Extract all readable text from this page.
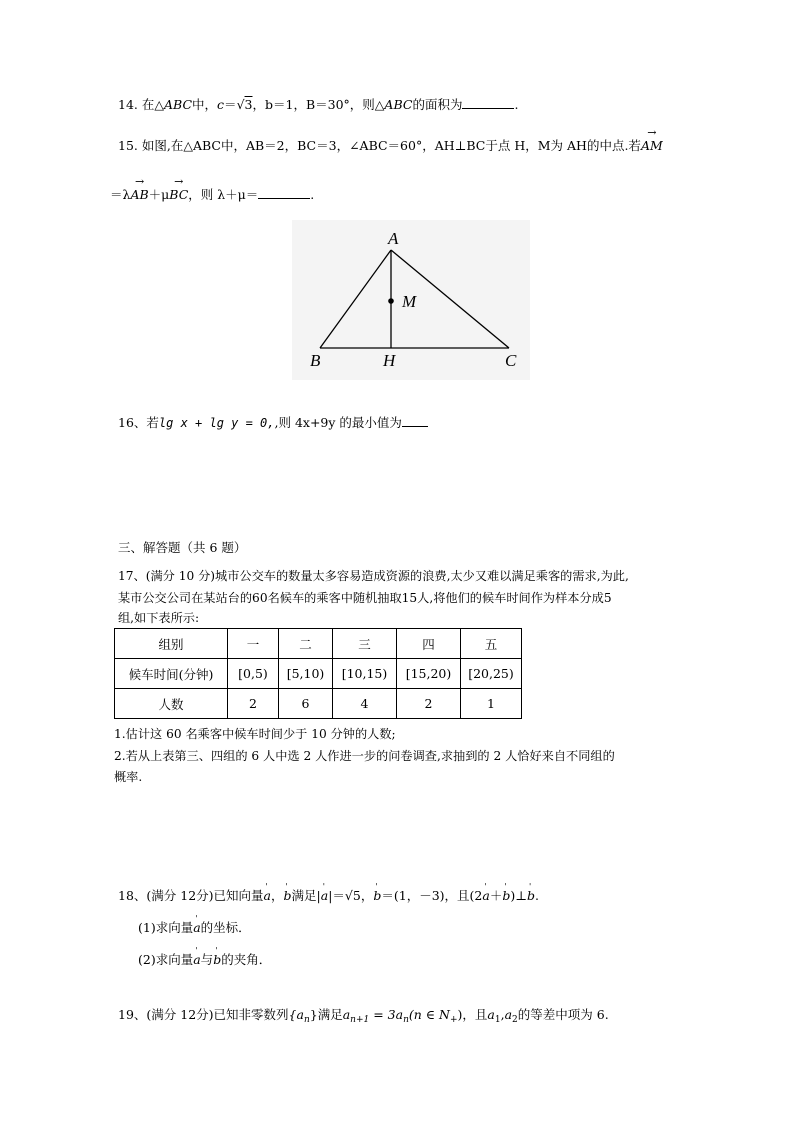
14. 在△ABC中，c＝√3，b＝1，B＝30°，则△ABC的面积为	.
15. 如图,在△ABC中，AB＝2，BC＝3，∠ABC＝60°，AH⊥BC于点 H，M为 AH的中点.若→ AM
＝λ→ AB＋μ→ BC，则 λ＋μ＝	.
A
M
B	H	C
16、若lg x + lg y = 0,,则 4x+9y 的最小值为
三、解答题（共 6 题）
17、(满分 10 分)城市公交车的数量太多容易造成资源的浪费,太少又难以满足乘客的需求,为此,
某市公交公司在某站台的60名候车的乘客中随机抽取15人,将他们的候车时间作为样本分成5
组,如下表所示:
组别	一	二	三	四	五
候车时间(分钟)	[0,5)	[5,10)	[10,15)	[15,20)	[20,25)
人数	2	6	4	2	1
1.估计这 60 名乘客中候车时间少于 10 分钟的人数;
2.若从上表第三、四组的 6 人中选 2 人作进一步的问卷调查,求抽到的 2 人恰好来自不同组的
概率.
18、(满分 12分)已知向量' a，' b满足|' a|＝√5，' b＝(1，－3)，且(2' a＋' b)⊥' b.
(1)求向量' a的坐标．
(2)求向量' a与' b的夹角．
19、(满分 12分)已知非零数列$\{a_n\}$满足$a_{n+1} = 3a_n(n$ ∈ $N_+$)，且$a_1,a_2$的等差中项为 6.
